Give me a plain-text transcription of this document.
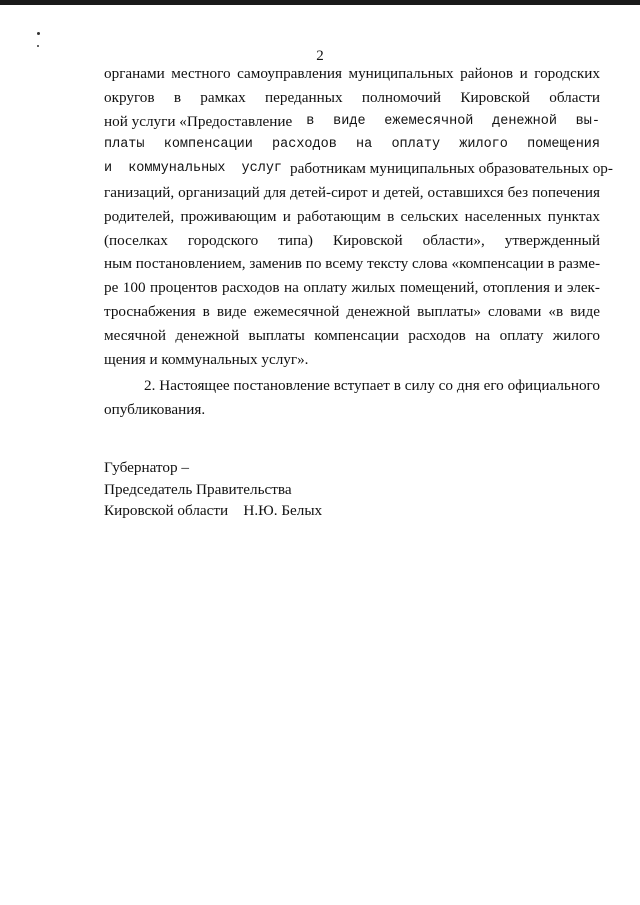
2
органами местного самоуправления муниципальных районов и городских
округов в рамках переданных полномочий Кировской области
ной услуги «Предоставление	в виде ежемесячной денежной вы-
платы компенсации расходов на оплату жилого помещения
и коммунальных услуг работникам муниципальных образовательных ор-
ганизаций, организаций для детей-сирот и детей, оставшихся без попечения
родителей, проживающим и работающим в сельских населенных пунктах
(поселках городского типа) Кировской области», утвержденный
ным постановлением, заменив по всему тексту слова «компенсации в разме-
ре 100 процентов расходов на оплату жилых помещений, отопления и элек-
троснабжения в виде ежемесячной денежной выплаты» словами «в виде
месячной денежной выплаты компенсации расходов на оплату жилого
щения и коммунальных услуг».
2. Настоящее постановление вступает в силу со дня его официального
опубликования.
Губернатор –
Председатель Правительства
Кировской области    Н.Ю. Белых
